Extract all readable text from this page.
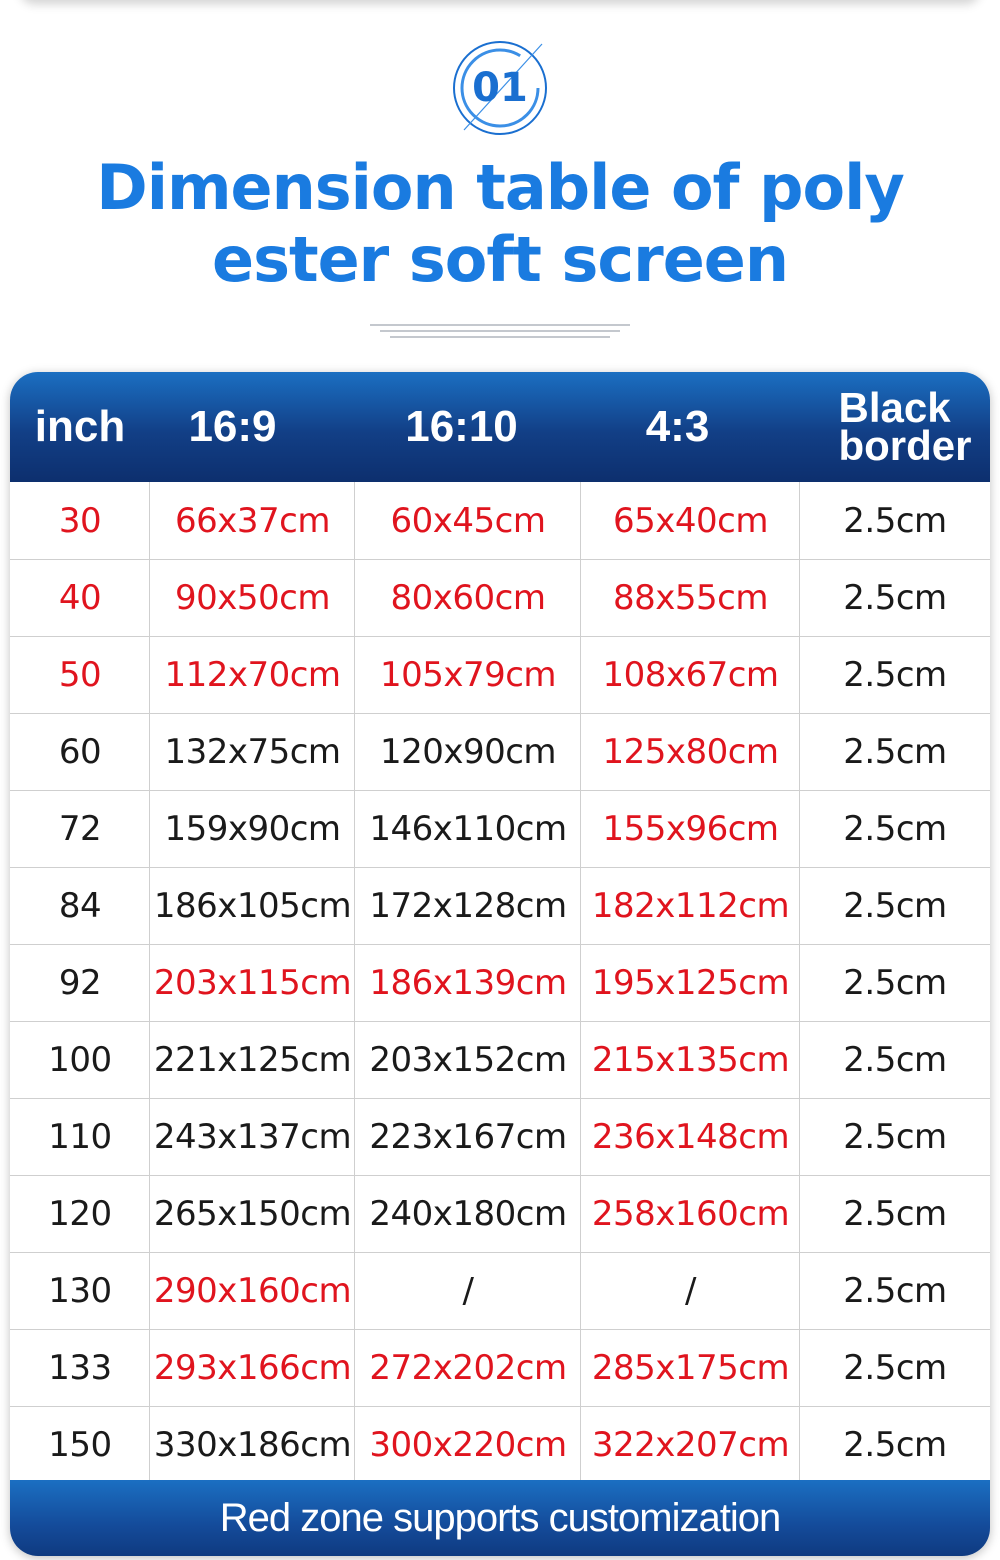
01
Dimension table of poly
ester soft screen
inch	16:9	16:10	4:3	Black
border
30	66x37cm	60x45cm	65x40cm	2.5cm
40	90x50cm	80x60cm	88x55cm	2.5cm
50	112x70cm	105x79cm	108x67cm	2.5cm
60	132x75cm	120x90cm	125x80cm	2.5cm
72	159x90cm 146x110cm	155x96cm	2.5cm
84	186x105cm 172x128cm 182x112cm	2.5cm
92	203x115cm 186x139cm 195x125cm	2.5cm
100	221x125cm 203x152cm 215x135cm	2.5cm
110	243x137cm 223x167cm 236x148cm	2.5cm
120	265x150cm 240x180cm 258x160cm	2.5cm
130	290x160cm	/	/	2.5cm
133	293x166cm 272x202cm 285x175cm	2.5cm
150	330x186cm 300x220cm 322x207cm	2.5cm
Red zone supports customization
